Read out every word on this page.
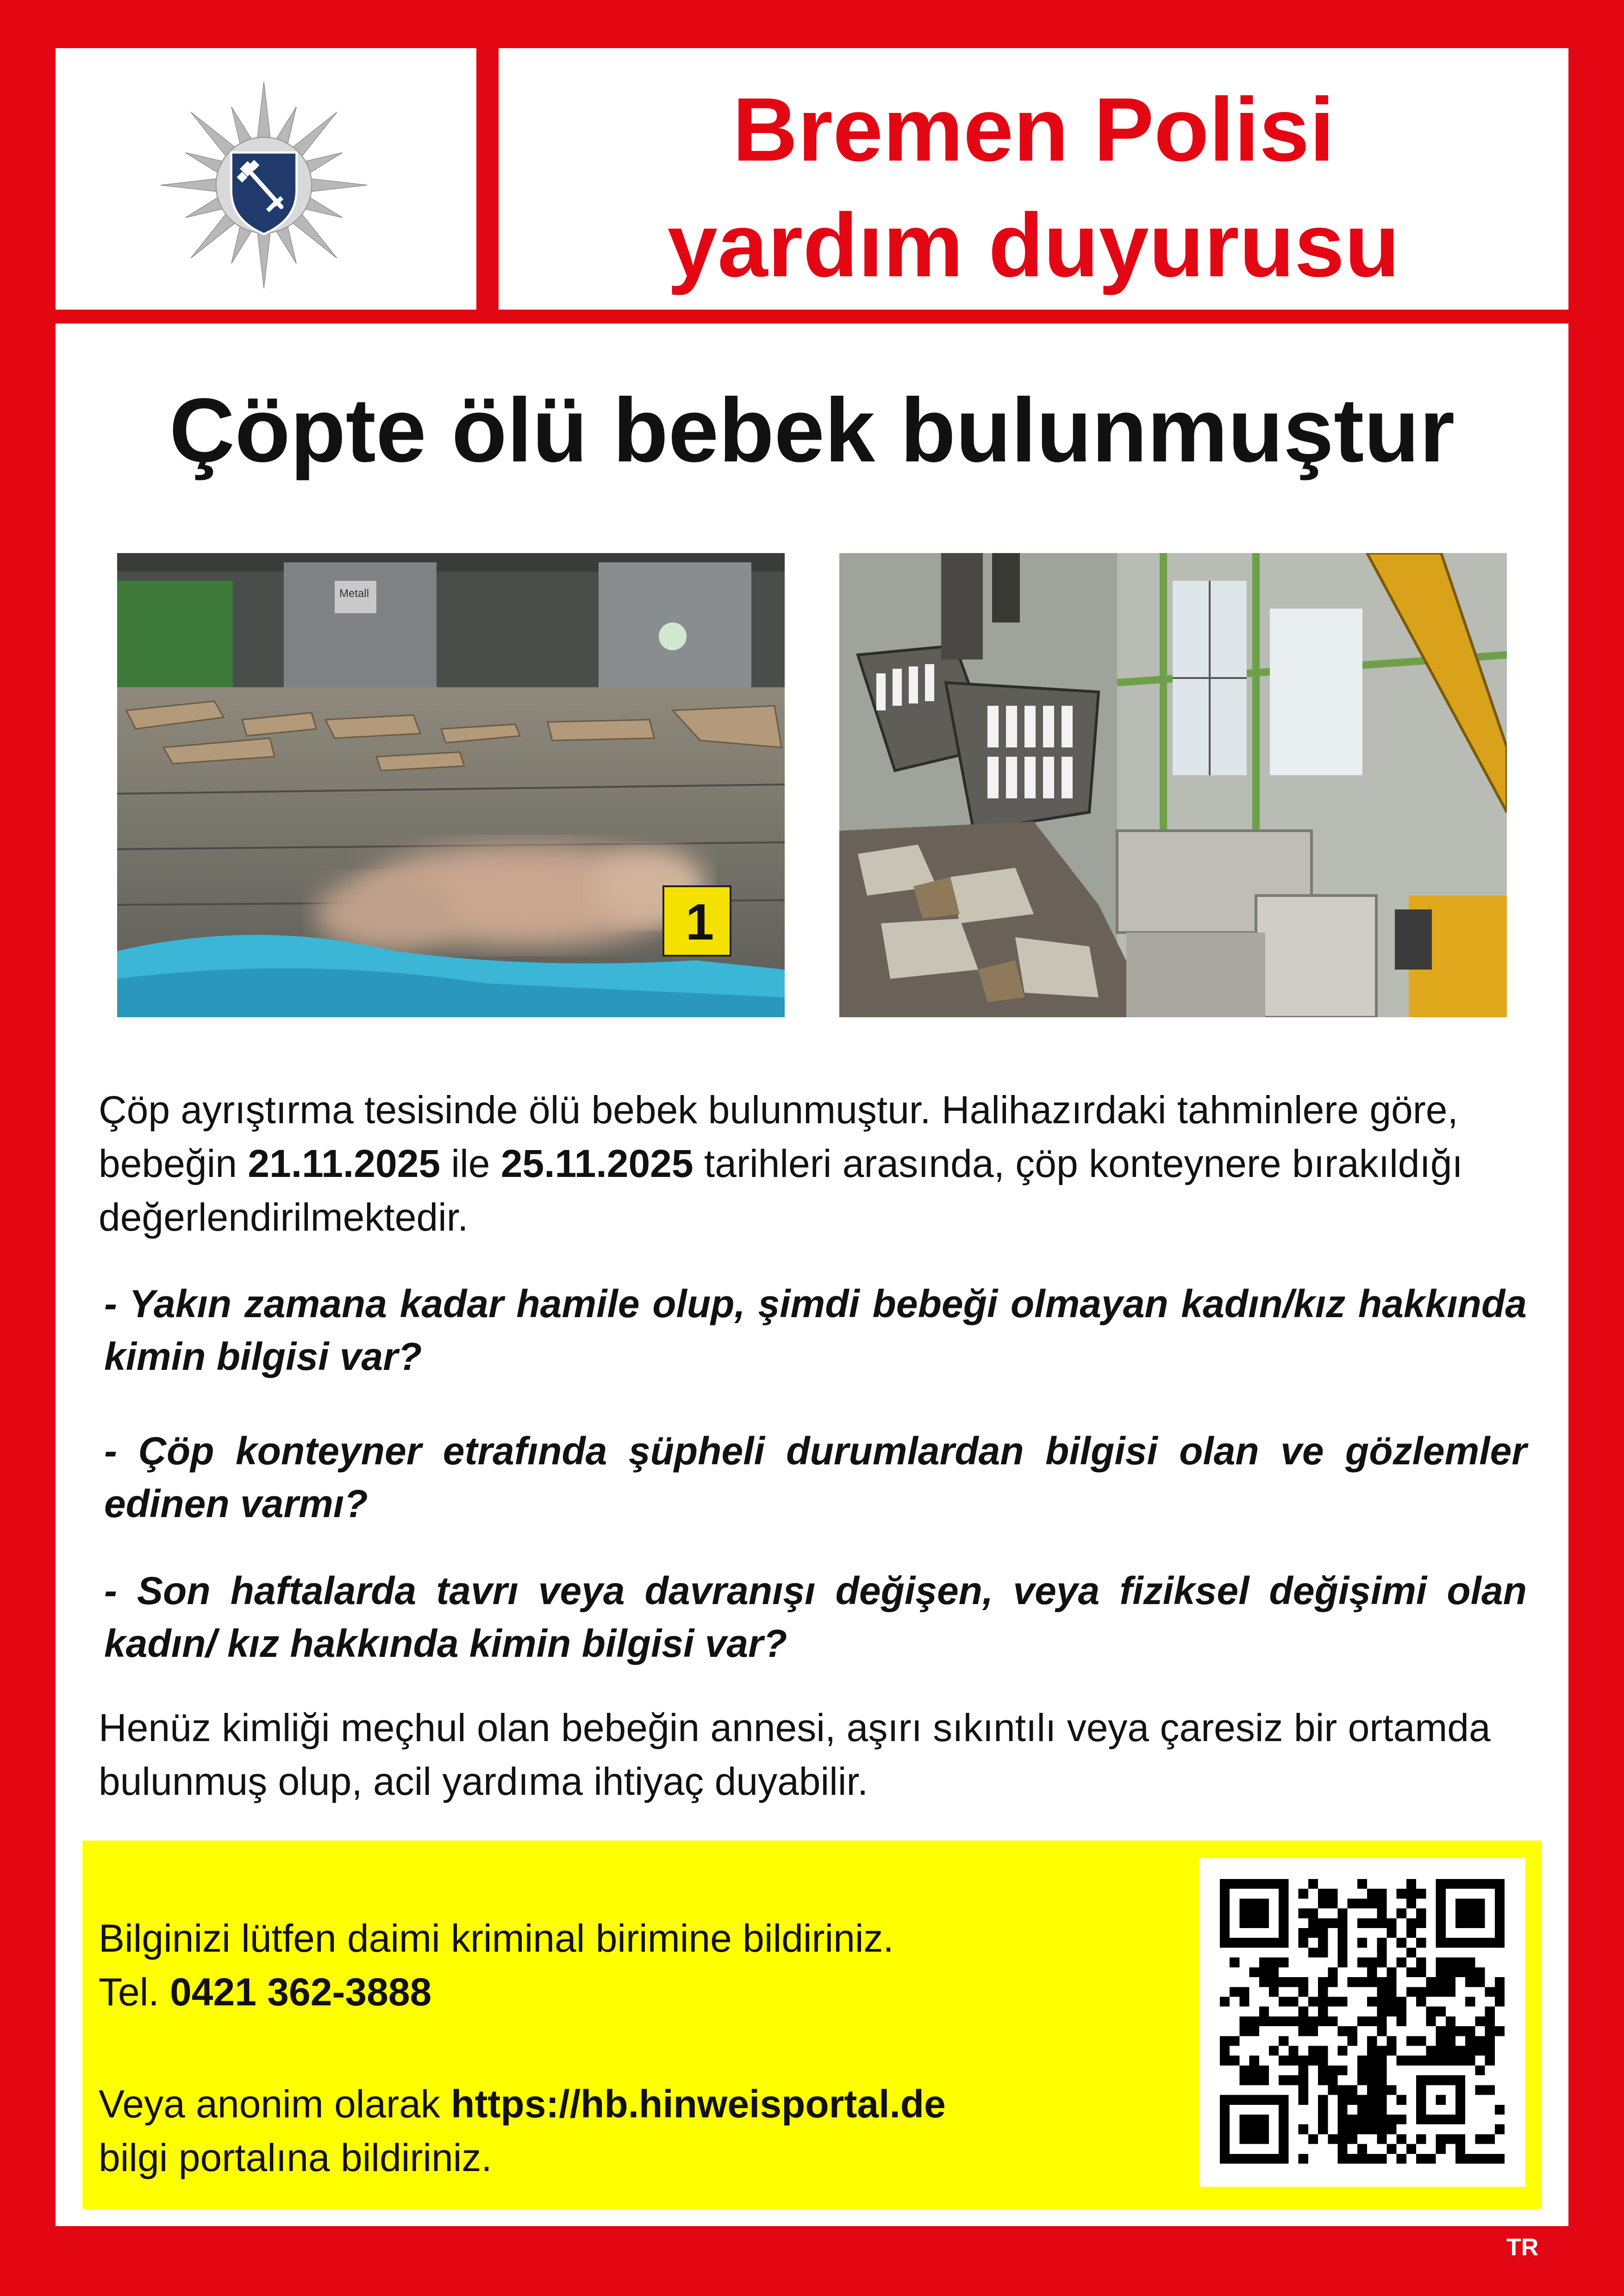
Bremen Polisi
yardım duyurusu
Çöpte ölü bebek bulunmuştur
Metall
1
Çöp ayrıştırma tesisinde ölü bebek bulunmuştur. Halihazırdaki tahminlere göre, bebeğin 21.11.2025 ile 25.11.2025 tarihleri arasında, çöp konteynere bırakıldığı değerlendirilmektedir.
- Yakın zamana kadar hamile olup, şimdi bebeği olmayan kadın/kız hakkında kimin bilgisi var?
- Çöp konteyner etrafında şüpheli durumlardan bilgisi olan ve gözlemler edinen varmı?
- Son haftalarda tavrı veya davranışı değişen, veya fiziksel değişimi olan kadın/ kız hakkında kimin bilgisi var?
Henüz kimliği meçhul olan bebeğin annesi, aşırı sıkıntılı veya çaresiz bir ortamda bulunmuş olup, acil yardıma ihtiyaç duyabilir.
Bilginizi lütfen daimi kriminal birimine bildiriniz.
Tel. 0421 362-3888
Veya anonim olarak https://hb.hinweisportal.de
bilgi portalına bildiriniz.
TR
